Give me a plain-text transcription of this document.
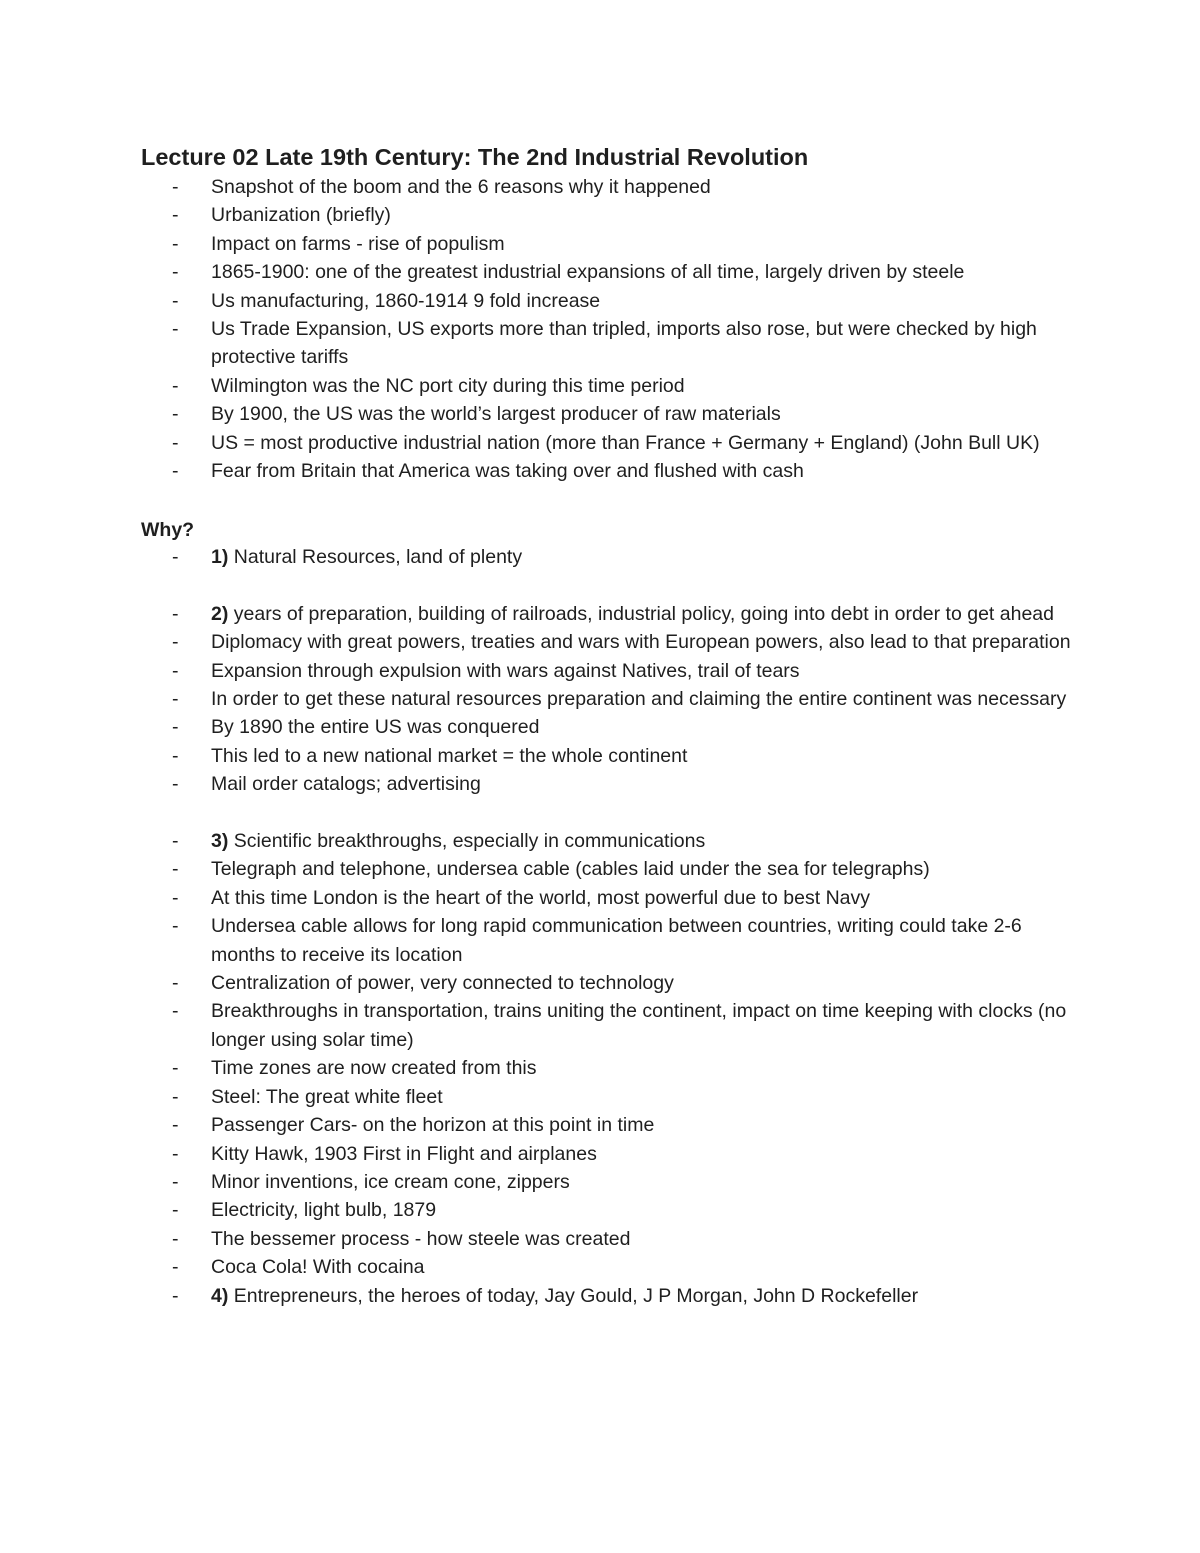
Lecture 02 Late 19th Century: The 2nd Industrial Revolution
- Snapshot of the boom and the 6 reasons why it happened
- Urbanization (briefly)
- Impact on farms - rise of populism
- 1865-1900: one of the greatest industrial expansions of all time, largely driven by steele
- Us manufacturing, 1860-1914 9 fold increase
- Us Trade Expansion, US exports more than tripled, imports also rose, but were checked by high protective tariffs
- Wilmington was the NC port city during this time period
- By 1900, the US was the world’s largest producer of raw materials
- US = most productive industrial nation (more than France + Germany + England) (John Bull UK)
- Fear from Britain that America was taking over and flushed with cash
Why?
- 1) Natural Resources, land of plenty
- 2) years of preparation, building of railroads, industrial policy, going into debt in order to get ahead
- Diplomacy with great powers, treaties and wars with European powers, also lead to that preparation
- Expansion through expulsion with wars against Natives, trail of tears
- In order to get these natural resources preparation and claiming the entire continent was necessary
- By 1890 the entire US was conquered
- This led to a new national market = the whole continent
- Mail order catalogs; advertising
- 3) Scientific breakthroughs, especially in communications
- Telegraph and telephone, undersea cable (cables laid under the sea for telegraphs)
- At this time London is the heart of the world, most powerful due to best Navy
- Undersea cable allows for long rapid communication between countries, writing could take 2-6 months to receive its location
- Centralization of power, very connected to technology
- Breakthroughs in transportation, trains uniting the continent, impact on time keeping with clocks (no longer using solar time)
- Time zones are now created from this
- Steel: The great white fleet
- Passenger Cars- on the horizon at this point in time
- Kitty Hawk, 1903 First in Flight and airplanes
- Minor inventions, ice cream cone, zippers
- Electricity, light bulb, 1879
- The bessemer process - how steele was created
- Coca Cola! With cocaina
- 4) Entrepreneurs, the heroes of today, Jay Gould, J P Morgan, John D Rockefeller
